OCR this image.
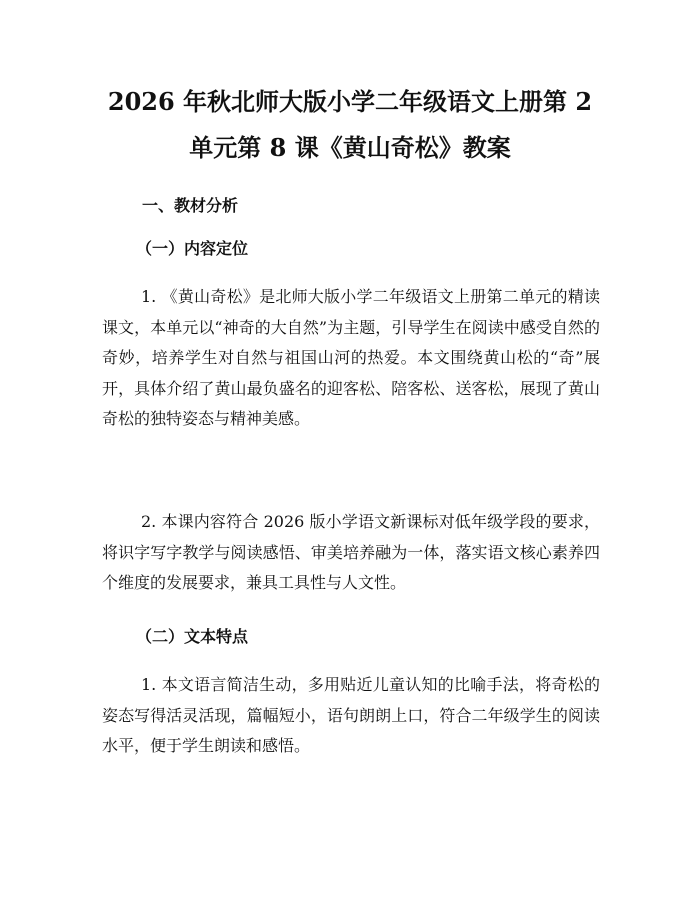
2026 年秋北师大版小学二年级语文上册第 2
单元第 8 课《黄山奇松》教案
一、教材分析
（一）内容定位

1. 《黄山奇松》是北师大版小学二年级语文上册第二单元的精读课文，本单元以“神奇的大自然”为主题，引导学生在阅读中感受自然的奇妙，培养学生对自然与祖国山河的热爱。本文围绕黄山松的“奇”展开，具体介绍了黄山最负盛名的迎客松、陪客松、送客松，展现了黄山奇松的独特姿态与精神美感。

2. 本课内容符合 2026 版小学语文新课标对低年级学段的要求，将识字写字教学与阅读感悟、审美培养融为一体，落实语文核心素养四个维度的发展要求，兼具工具性与人文性。

（二）文本特点

1. 本文语言简洁生动，多用贴近儿童认知的比喻手法，将奇松的姿态写得活灵活现，篇幅短小，语句朗朗上口，符合二年级学生的阅读水平，便于学生朗读和感悟。
